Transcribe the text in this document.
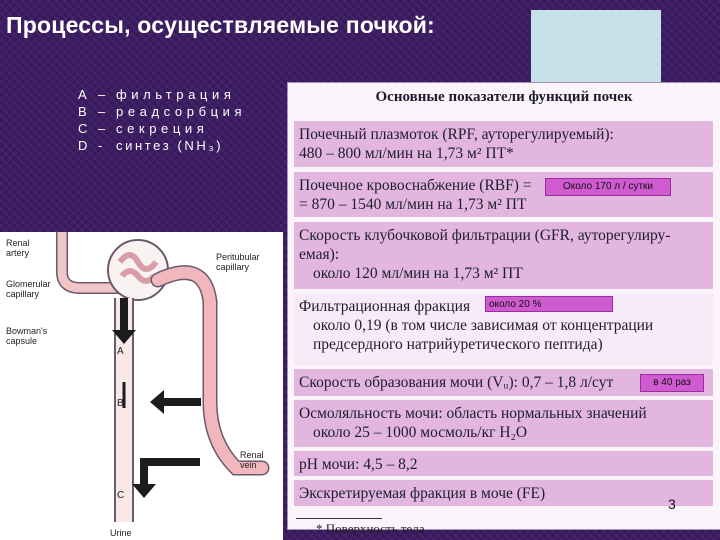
Процессы, осуществляемые почкой:
A – фильтрация
B – реадсорбция
C – секреция
D -	синтез (NH₃)
Renal
artery
Glomerular
capillary
Bowman's
capsule
Peritubular
capillary
Renal
vein
Urine
A
B
C
Основные показатели функций почек
Почечный плазмоток (RPF, ауторегулируемый):
480 – 800 мл/мин на 1,73 м² ПТ*
Почечное кровоснабжение (RBF) =
= 870 – 1540 мл/мин на 1,73 м² ПТ
Скорость клубочковой фильтрации (GFR, ауторегулиру-
емая):
около 120 мл/мин на 1,73 м² ПТ
Фильтрационная фракция
около 0,19 (в том числе зависимая от концентрации
предсердного натрийуретического пептида)
Скорость образования мочи (Vᵤ): 0,7 – 1,8 л/сут
Осмоляльность мочи: область нормальных значений
около 25 – 1000 мосмоль/кг H₂O
pH мочи: 4,5 – 8,2
Экскретируемая фракция в моче (FE)
Около 170 л / сутки
около 20 %
в 40 раз
3
* Поверхность тела.
